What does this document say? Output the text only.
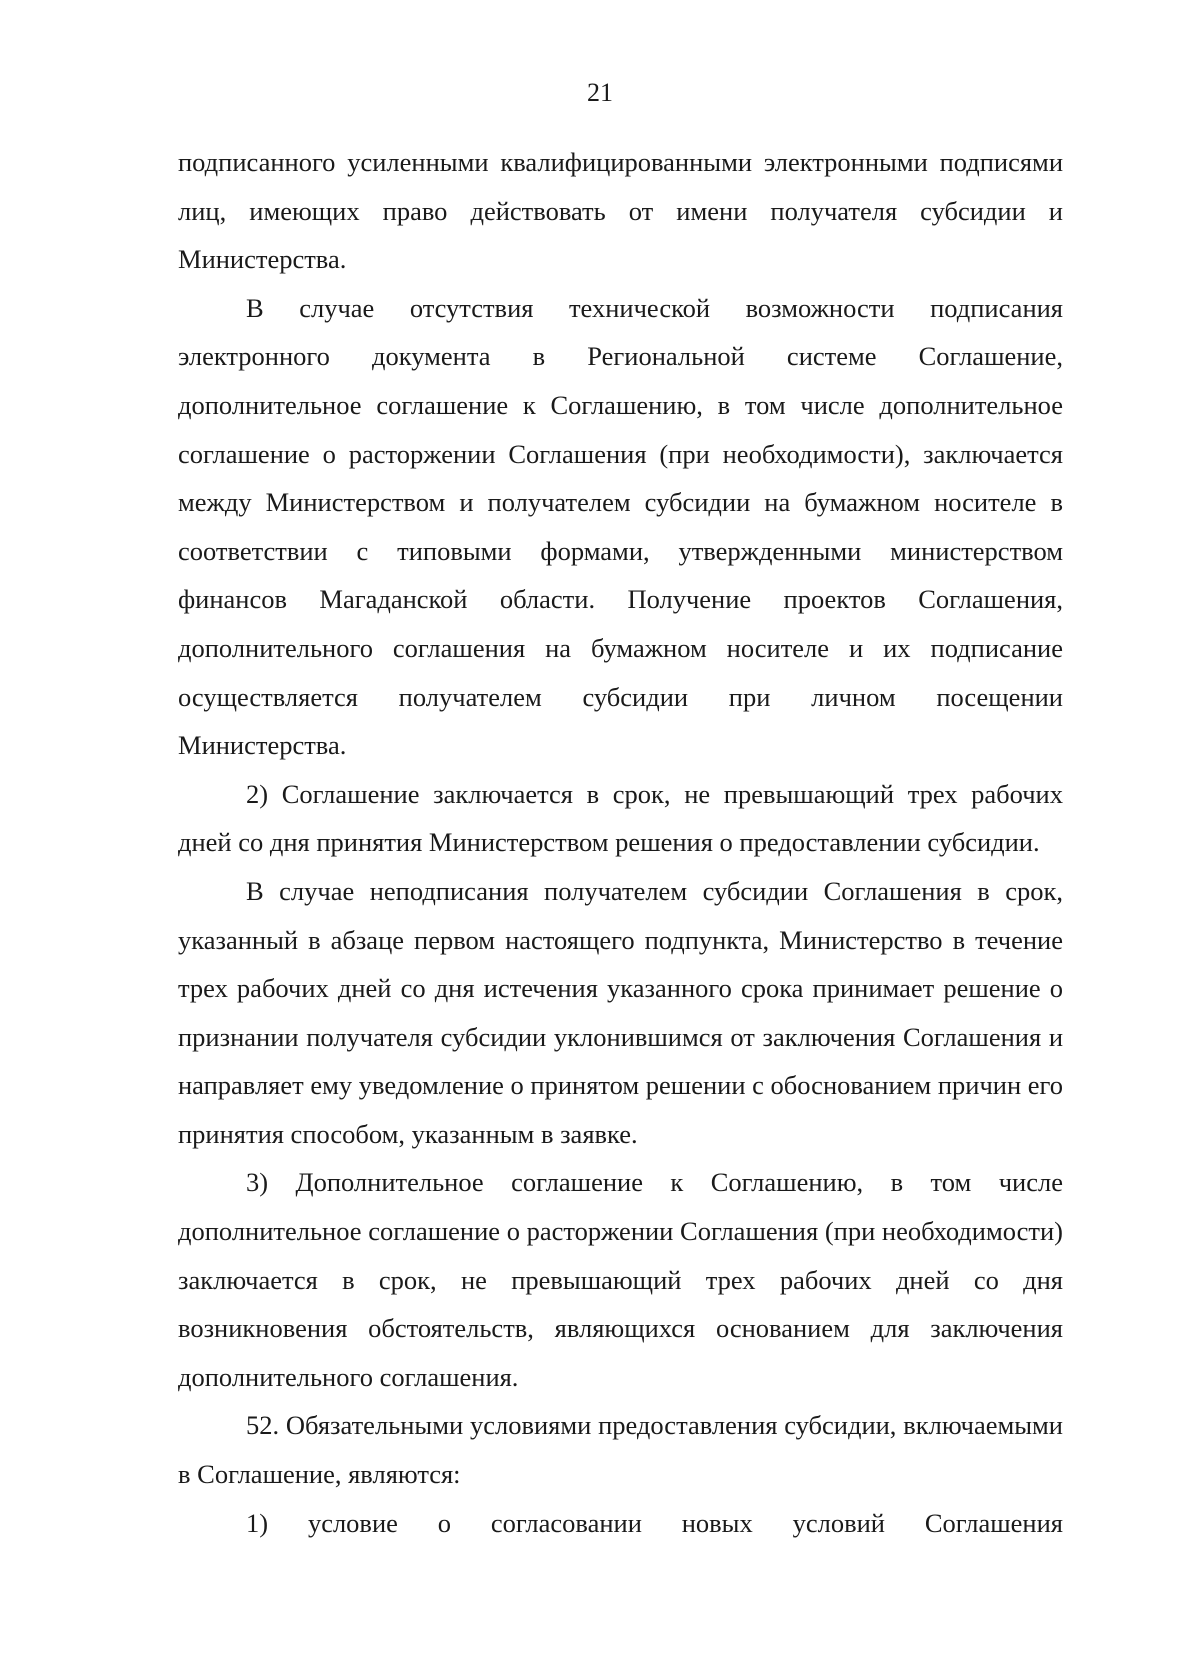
21

подписанного усиленными квалифицированными электронными подписями лиц, имеющих право действовать от имени получателя субсидии и Министерства.

В случае отсутствия технической возможности подписания электронного документа в Региональной системе Соглашение, дополнительное соглашение к Соглашению, в том числе дополнительное соглашение о расторжении Соглашения (при необходимости), заключается между Министерством и получателем субсидии на бумажном носителе в соответствии с типовыми формами, утвержденными министерством финансов Магаданской области. Получение проектов Соглашения, дополнительного соглашения на бумажном носителе и их подписание осуществляется получателем субсидии при личном посещении Министерства.

2) Соглашение заключается в срок, не превышающий трех рабочих дней со дня принятия Министерством решения о предоставлении субсидии.

В случае неподписания получателем субсидии Соглашения в срок, указанный в абзаце первом настоящего подпункта, Министерство в течение трех рабочих дней со дня истечения указанного срока принимает решение о признании получателя субсидии уклонившимся от заключения Соглашения и направляет ему уведомление о принятом решении с обоснованием причин его принятия способом, указанным в заявке.

3) Дополнительное соглашение к Соглашению, в том числе дополнительное соглашение о расторжении Соглашения (при необходимости) заключается в срок, не превышающий трех рабочих дней со дня возникновения обстоятельств, являющихся основанием для заключения дополнительного соглашения.

52. Обязательными условиями предоставления субсидии, включаемыми в Соглашение, являются:

1) условие о согласовании новых условий Соглашения
